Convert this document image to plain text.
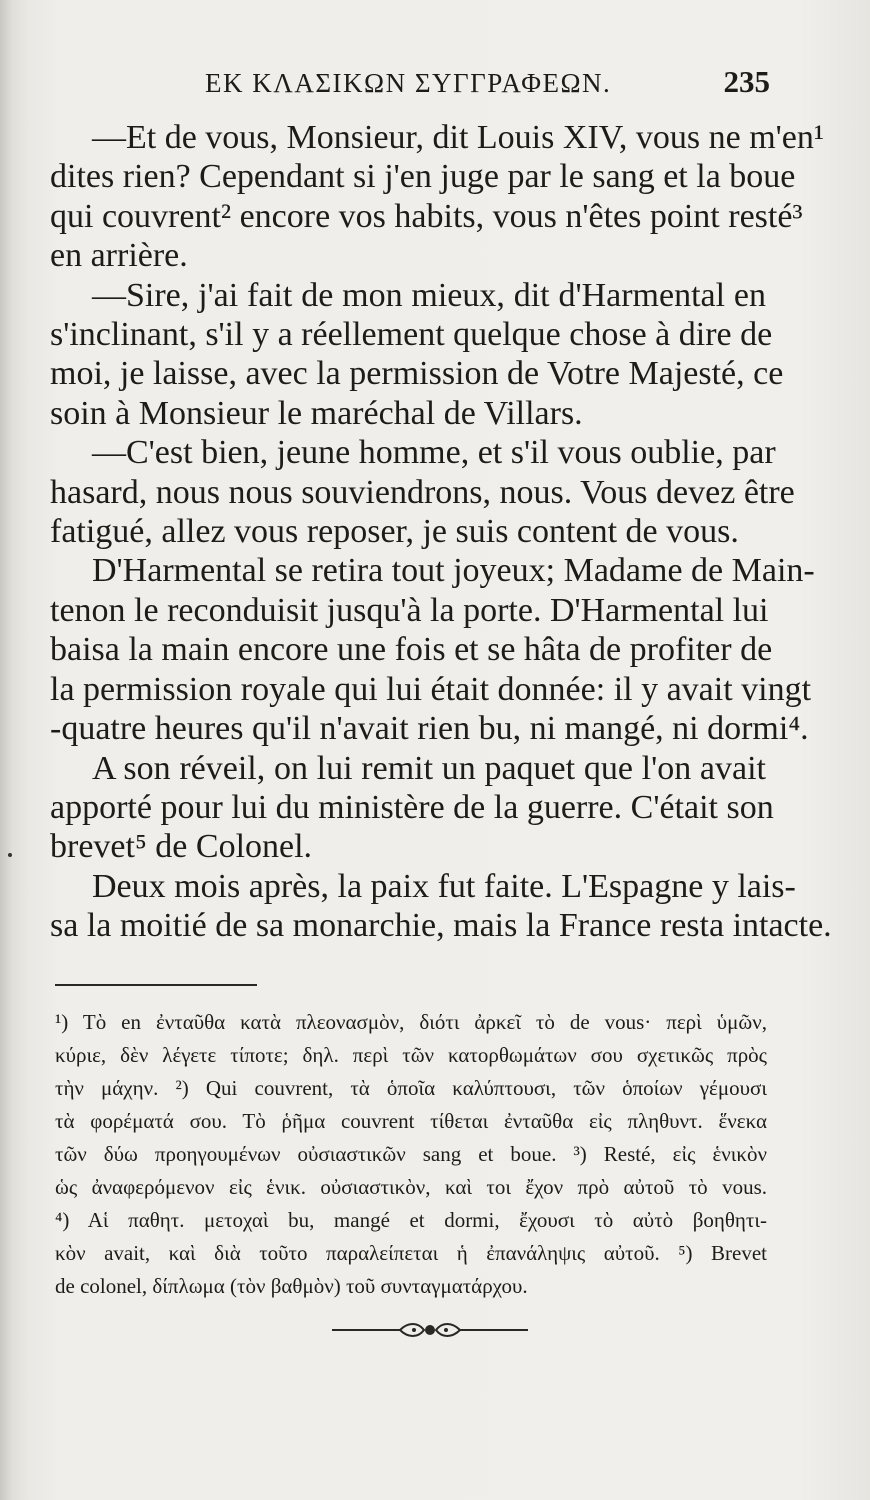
ΕΚ ΚΛΑΣΙΚΩΝ ΣΥΓΓΡΑΦΕΩΝ.	235

—Et de vous, Monsieur, dit Louis XIV, vous ne m'en¹
dites rien? Cependant si j'en juge par le sang et la boue
qui couvrent² encore vos habits, vous n'êtes point resté³
en arrière.

—Sire, j'ai fait de mon mieux, dit d'Harmental en
s'inclinant, s'il y a réellement quelque chose à dire de
moi, je laisse, avec la permission de Votre Majesté, ce
soin à Monsieur le maréchal de Villars.

—C'est bien, jeune homme, et s'il vous oublie, par
hasard, nous nous souviendrons, nous. Vous devez être
fatigué, allez vous reposer, je suis content de vous.

D'Harmental se retira tout joyeux; Madame de Main-
tenon le reconduisit jusqu'à la porte. D'Harmental lui
baisa la main encore une fois et se hâta de profiter de
la permission royale qui lui était donnée: il y avait vingt
-quatre heures qu'il n'avait rien bu, ni mangé, ni dormi⁴.

A son réveil, on lui remit un paquet que l'on avait
apporté pour lui du ministère de la guerre. C'était son
brevet⁵ de Colonel.

Deux mois après, la paix fut faite. L'Espagne y lais-
sa la moitié de sa monarchie, mais la France resta intacte.

¹) Τὸ en ἐνταῦθα κατὰ πλεονασμὸν, διότι ἀρκεῖ τὸ de vous· περὶ ὑμῶν,
κύριε, δὲν λέγετε τίποτε; δηλ. περὶ τῶν κατορθωμάτων σου σχετικῶς πρὸς
τὴν μάχην. ²) Qui couvrent, τὰ ὁποῖα καλύπτουσι, τῶν ὁποίων γέμουσι
τὰ φορέματά σου. Τὸ ῥῆμα couvrent τίθεται ἐνταῦθα εἰς πληθυντ. ἕνεκα
τῶν δύω προηγουμένων οὐσιαστικῶν sang et boue. ³) Resté, εἰς ἑνικὸν
ὡς ἀναφερόμενον εἰς ἑνικ. οὐσιαστικὸν, καὶ τοι ἔχον πρὸ αὐτοῦ τὸ vous.
⁴) Αἱ παθητ. μετοχαὶ bu, mangé et dormi, ἔχουσι τὸ αὐτὸ βοηθητι-
κὸν avait, καὶ διὰ τοῦτο παραλείπεται ἡ ἐπανάληψις αὐτοῦ. ⁵) Brevet
de colonel, δίπλωμα (τὸν βαθμὸν) τοῦ συνταγματάρχου.
